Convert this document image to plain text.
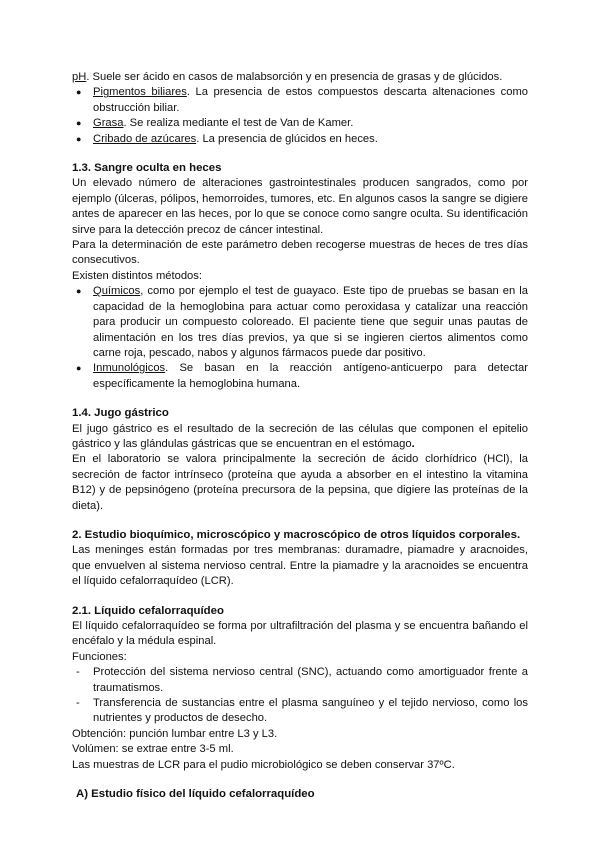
pH. Suele ser ácido en casos de malabsorción y en presencia de grasas y de glúcidos.

● Pigmentos biliares. La presencia de estos compuestos descarta altenaciones como obstrucción biliar.
● Grasa. Se realiza mediante el test de Van de Kamer.
● Cribado de azúcares. La presencia de glúcidos en heces.
1.3. Sangre oculta en heces

Un elevado número de alteraciones gastrointestinales producen sangrados, como por ejemplo (úlceras, pólipos, hemorroides, tumores, etc. En algunos casos la sangre se digiere antes de aparecer en las heces, por lo que se conoce como sangre oculta. Su identificación sirve para la detección precoz de cáncer intestinal.

Para la determinación de este parámetro deben recogerse muestras de heces de tres días consecutivos.

Existen distintos métodos:

● Químicos, como por ejemplo el test de guayaco. Este tipo de pruebas se basan en la capacidad de la hemoglobina para actuar como peroxidasa y catalizar una reacción para producir un compuesto coloreado. El paciente tiene que seguir unas pautas de alimentación en los tres días previos, ya que si se ingieren ciertos alimentos como carne roja, pescado, nabos y algunos fármacos puede dar positivo.
● Inmunológicos. Se basan en la reacción antígeno-anticuerpo para detectar específicamente la hemoglobina humana.
1.4. Jugo gástrico

El jugo gástrico es el resultado de la secreción de las células que componen el epitelio gástrico y las glándulas gástricas que se encuentran en el estómago.

En el laboratorio se valora principalmente la secreción de ácido clorhídrico (HCl), la secreción de factor intrínseco (proteína que ayuda a absorber en el intestino la vitamina B12) y de pepsinógeno (proteína precursora de la pepsina, que digiere las proteínas de la dieta).

2. Estudio bioquímico, microscópico y macroscópico de otros líquidos corporales.

Las meninges están formadas por tres membranas: duramadre, piamadre y aracnoides, que envuelven al sistema nervioso central. Entre la piamadre y la aracnoides se encuentra el líquido cefalorraquídeo (LCR).

2.1. Líquido cefalorraquídeo

El líquido cefalorraquídeo se forma por ultrafiltración del plasma y se encuentra bañando el encéfalo y la médula espinal.

Funciones:

- Protección del sistema nervioso central (SNC), actuando como amortiguador frente a traumatismos.
- Transferencia de sustancias entre el plasma sanguíneo y el tejido nervioso, como los nutrientes y productos de desecho.

Obtención: punción lumbar entre L3 y L3.

Volúmen: se extrae entre 3-5 ml.

Las muestras de LCR para el pudio microbiológico se deben conservar 37ºC.

A) Estudio físico del líquido cefalorraquídeo
